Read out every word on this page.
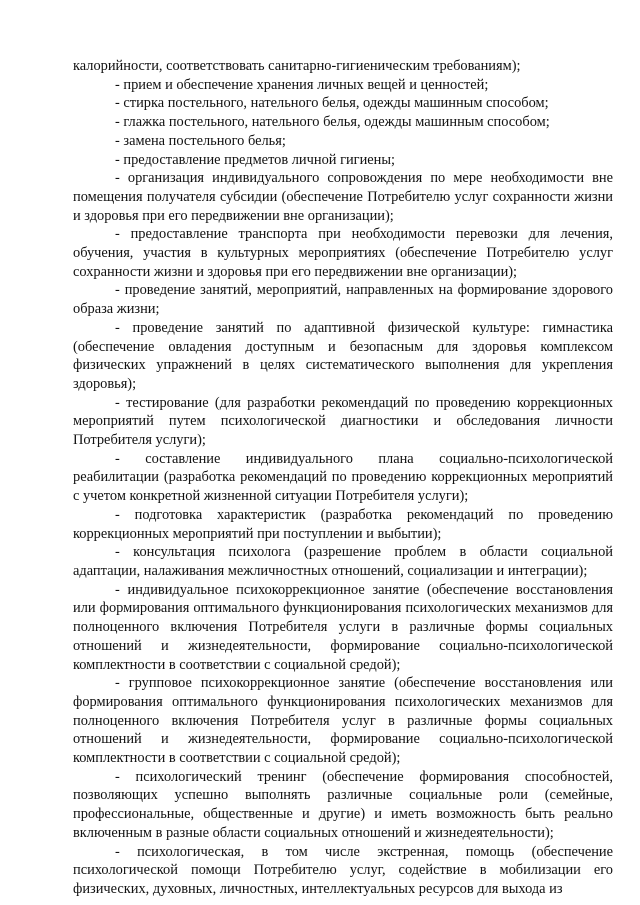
калорийности, соответствовать санитарно-гигиеническим требованиям);

- прием и обеспечение хранения личных вещей и ценностей;

- стирка постельного, нательного белья, одежды машинным способом;

- глажка постельного, нательного белья, одежды машинным способом;

- замена постельного белья;

- предоставление предметов личной гигиены;

- организация индивидуального сопровождения по мере необходимости вне помещения получателя субсидии (обеспечение Потребителю услуг сохранности жизни и здоровья при его передвижении вне организации);

- предоставление транспорта при необходимости перевозки для лечения, обучения, участия в культурных мероприятиях (обеспечение Потребителю услуг сохранности жизни и здоровья при его передвижении вне организации);

- проведение занятий, мероприятий, направленных на формирование здорового образа жизни;

- проведение занятий по адаптивной физической культуре: гимнастика (обеспечение овладения доступным и безопасным для здоровья комплексом физических упражнений в целях систематического выполнения для укрепления здоровья);

- тестирование (для разработки рекомендаций по проведению коррекционных мероприятий путем психологической диагностики и обследования личности Потребителя услуги);

- составление индивидуального плана социально-психологической реабилитации (разработка рекомендаций по проведению коррекционных мероприятий с учетом конкретной жизненной ситуации Потребителя услуги);

- подготовка характеристик (разработка рекомендаций по проведению коррекционных мероприятий при поступлении и выбытии);

- консультация психолога (разрешение проблем в области социальной адаптации, налаживания межличностных отношений, социализации и интеграции);

- индивидуальное психокоррекционное занятие (обеспечение восстановления или формирования оптимального функционирования психологических механизмов для полноценного включения Потребителя услуги в различные формы социальных отношений и жизнедеятельности, формирование социально-психологической комплектности в соответствии с социальной средой);

- групповое психокоррекционное занятие (обеспечение восстановления или формирования оптимального функционирования психологических механизмов для полноценного включения Потребителя услуг в различные формы социальных отношений и жизнедеятельности, формирование социально-психологической комплектности в соответствии с социальной средой);

- психологический тренинг (обеспечение формирования способностей, позволяющих успешно выполнять различные социальные роли (семейные, профессиональные, общественные и другие) и иметь возможность быть реально включенным в разные области социальных отношений и жизнедеятельности);

- психологическая, в том числе экстренная, помощь (обеспечение психологической помощи Потребителю услуг, содействие в мобилизации его физических, духовных, личностных, интеллектуальных ресурсов для выхода из
